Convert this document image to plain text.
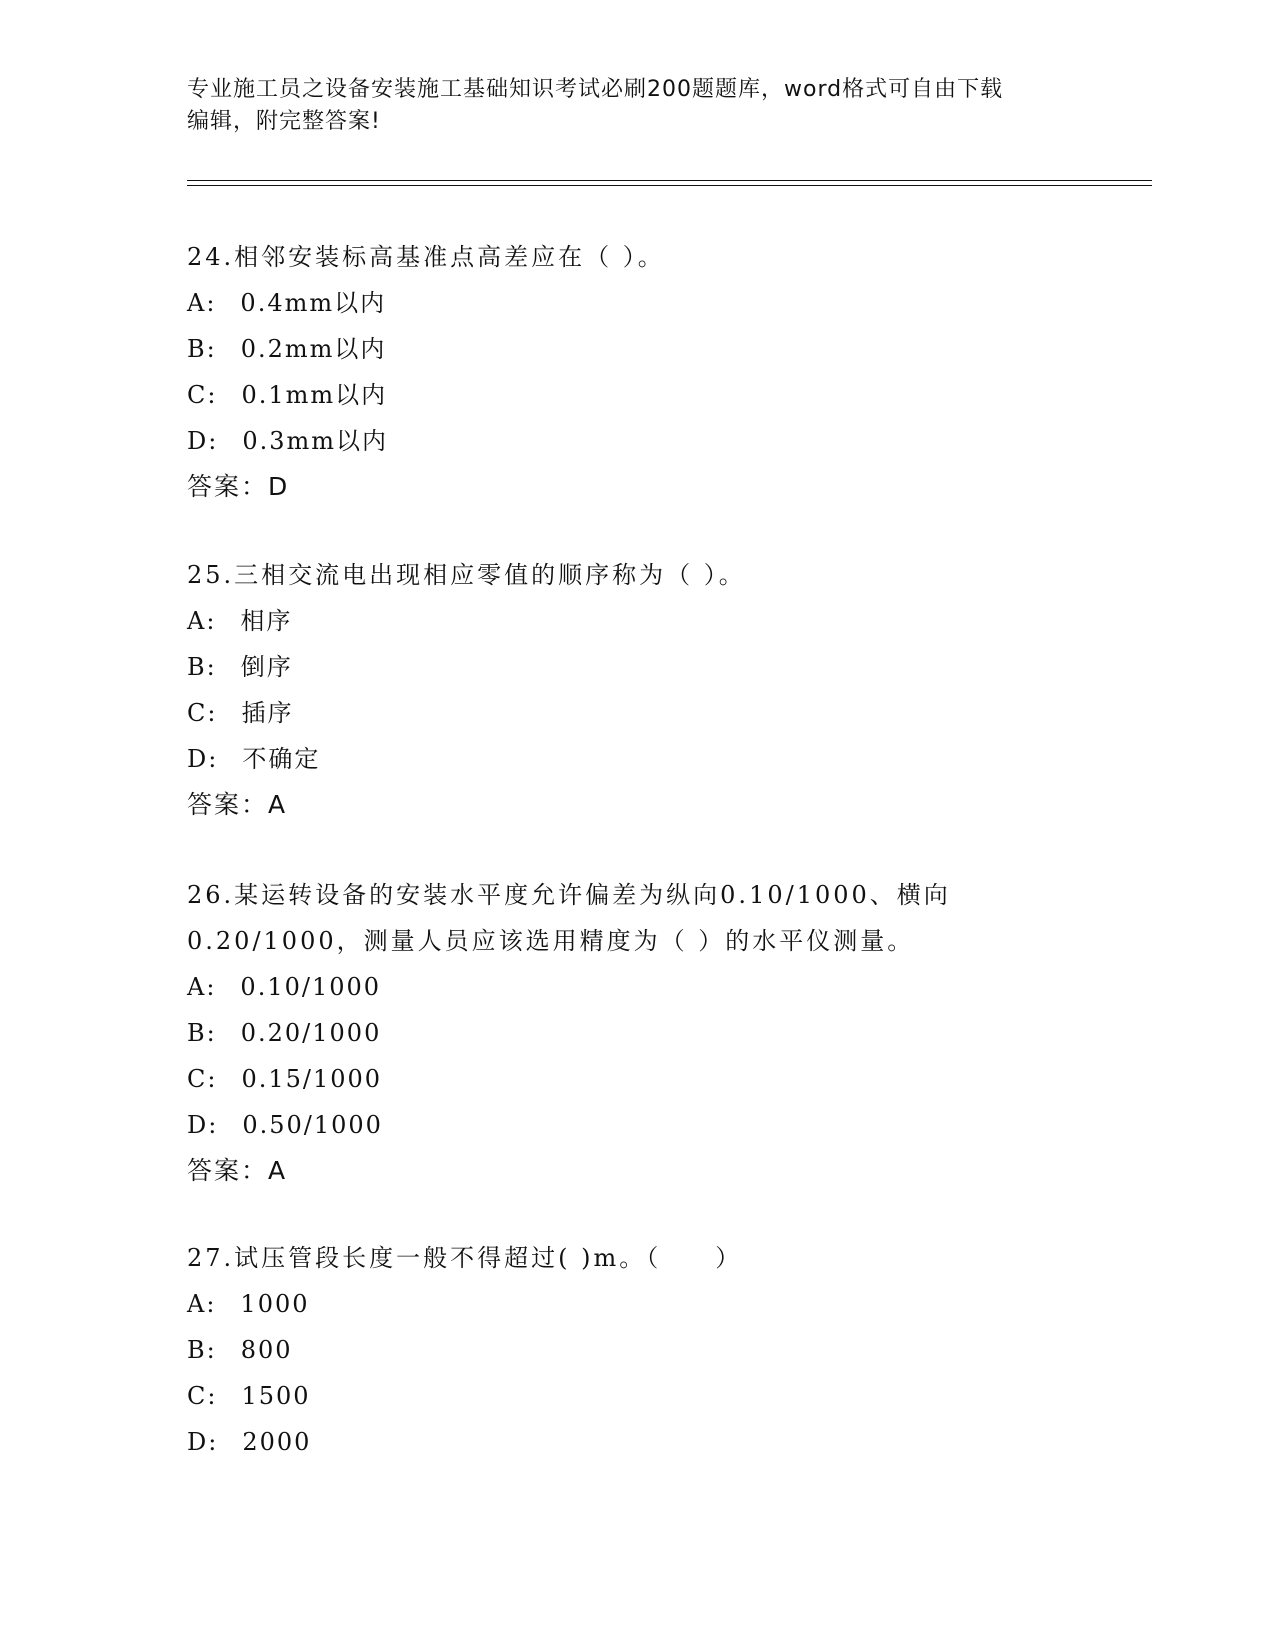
专业施工员之设备安装施工基础知识考试必刷200题题库，word格式可自由下载
编辑，附完整答案!

24.相邻安装标高基准点高差应在（ ）。

A: 0.4mm以内

B: 0.2mm以内

C: 0.1mm以内

D: 0.3mm以内

答案：D

25.三相交流电出现相应零值的顺序称为（ ）。

A: 相序

B: 倒序

C: 插序

D: 不确定

答案：A

26.某运转设备的安装水平度允许偏差为纵向0.10/1000、横向

0.20/1000，测量人员应该选用精度为（ ）的水平仪测量。

A: 0.10/1000

B: 0.20/1000

C: 0.15/1000

D: 0.50/1000

答案：A

27.试压管段长度一般不得超过( )m。（　　）

A: 1000

B: 800

C: 1500

D: 2000
